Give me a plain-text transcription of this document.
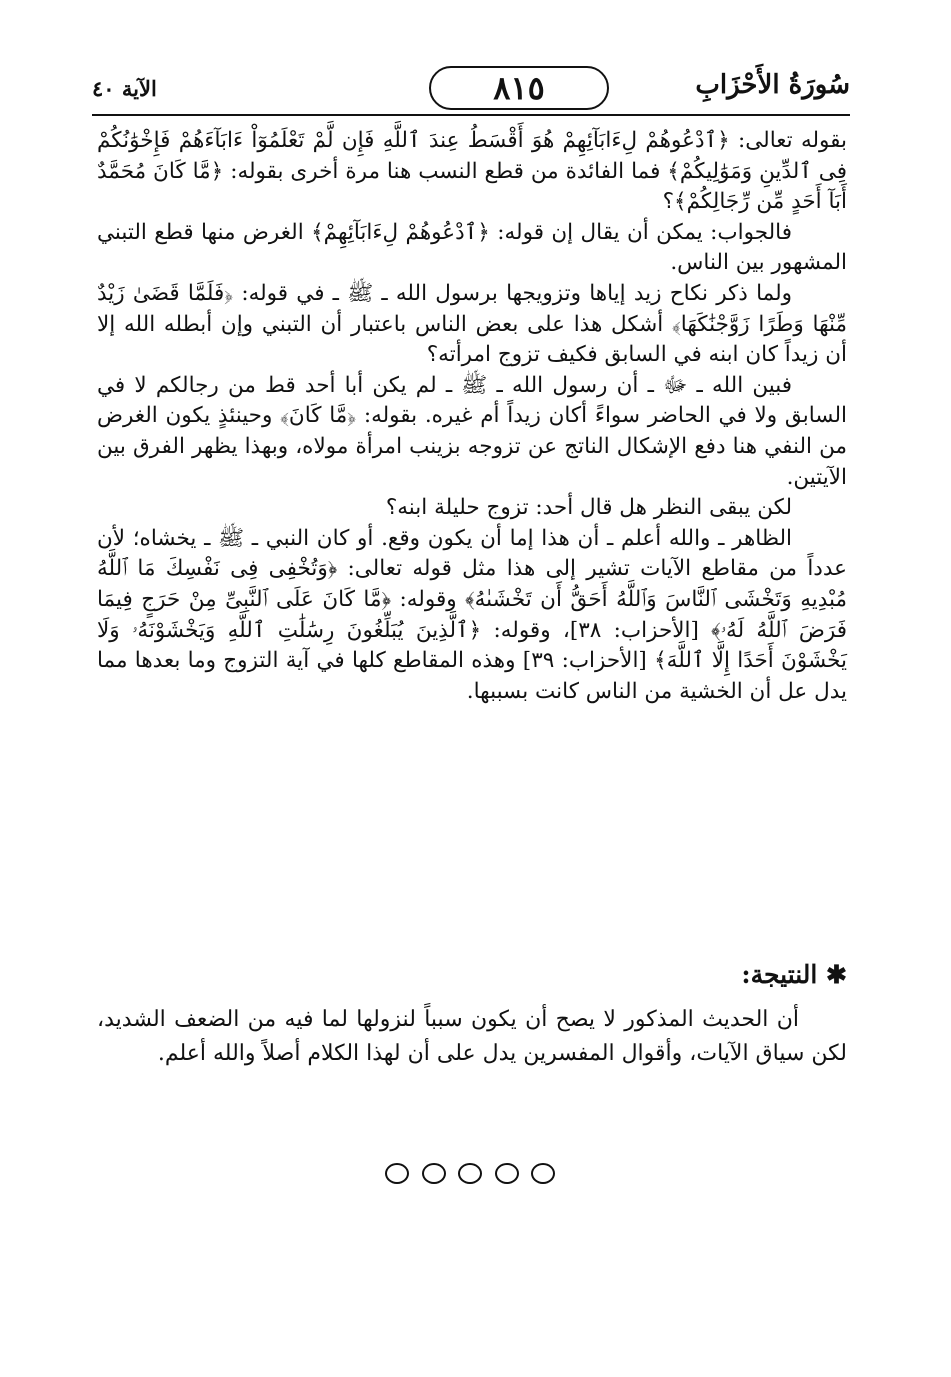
سُورَةُ الأَحْزَابِ
٨١٥
الآية ٤٠

بقوله تعالى: ﴿ٱدْعُوهُمْ لِءَابَآئِهِمْ هُوَ أَقْسَطُ عِندَ ٱللَّهِ فَإِن لَّمْ تَعْلَمُوٓاْ ءَابَآءَهُمْ فَإِخْوَٰنُكُمْ فِى ٱلدِّينِ وَمَوَٰلِيكُمْ﴾ فما الفائدة من قطع النسب هنا مرة أخرى بقوله: ﴿مَّا كَانَ مُحَمَّدٌ أَبَآ أَحَدٍ مِّن رِّجَالِكُمْ﴾؟

فالجواب: يمكن أن يقال إن قوله: ﴿ٱدْعُوهُمْ لِءَابَآئِهِمْ﴾ الغرض منها قطع التبني المشهور بين الناس.

ولما ذكر نكاح زيد إياها وتزويجها برسول الله ـ ﷺ ـ في قوله: ﴿فَلَمَّا قَضَىٰ زَيْدٌ مِّنْهَا وَطَرًا زَوَّجْنَٰكَهَا﴾ أشكل هذا على بعض الناس باعتبار أن التبني وإن أبطله الله إلا أن زيداً كان ابنه في السابق فكيف تزوج امرأته؟

فبين الله ـ ﷻ ـ أن رسول الله ـ ﷺ ـ لم يكن أبا أحد قط من رجالكم لا في السابق ولا في الحاضر سواءً أكان زيداً أم غيره. بقوله: ﴿مَّا كَانَ﴾ وحينئذٍ يكون الغرض من النفي هنا دفع الإشكال الناتج عن تزوجه بزينب امرأة مولاه، وبهذا يظهر الفرق بين الآيتين.

لكن يبقى النظر هل قال أحد: تزوج حليلة ابنه؟

الظاهر ـ والله أعلم ـ أن هذا إما أن يكون وقع. أو كان النبي ـ ﷺ ـ يخشاه؛ لأن عدداً من مقاطع الآيات تشير إلى هذا مثل قوله تعالى: ﴿وَتُخْفِى فِى نَفْسِكَ مَا ٱللَّهُ مُبْدِيهِ وَتَخْشَى ٱلنَّاسَ وَٱللَّهُ أَحَقُّ أَن تَخْشَىٰهُ﴾ وقوله: ﴿مَّا كَانَ عَلَى ٱلنَّبِىِّ مِنْ حَرَجٍ فِيمَا فَرَضَ ٱللَّهُ لَهُۥ﴾ [الأحزاب: ٣٨]، وقوله: ﴿ٱلَّذِينَ يُبَلِّغُونَ رِسَٰلَٰتِ ٱللَّهِ وَيَخْشَوْنَهُۥ وَلَا يَخْشَوْنَ أَحَدًا إِلَّا ٱللَّهَ﴾ [الأحزاب: ٣٩] وهذه المقاطع كلها في آية التزوج وما بعدها مما يدل عل أن الخشية من الناس كانت بسببها.

✱ النتيجة:

أن الحديث المذكور لا يصح أن يكون سبباً لنزولها لما فيه من الضعف الشديد، لكن سياق الآيات، وأقوال المفسرين يدل على أن لهذا الكلام أصلاً والله أعلم.
